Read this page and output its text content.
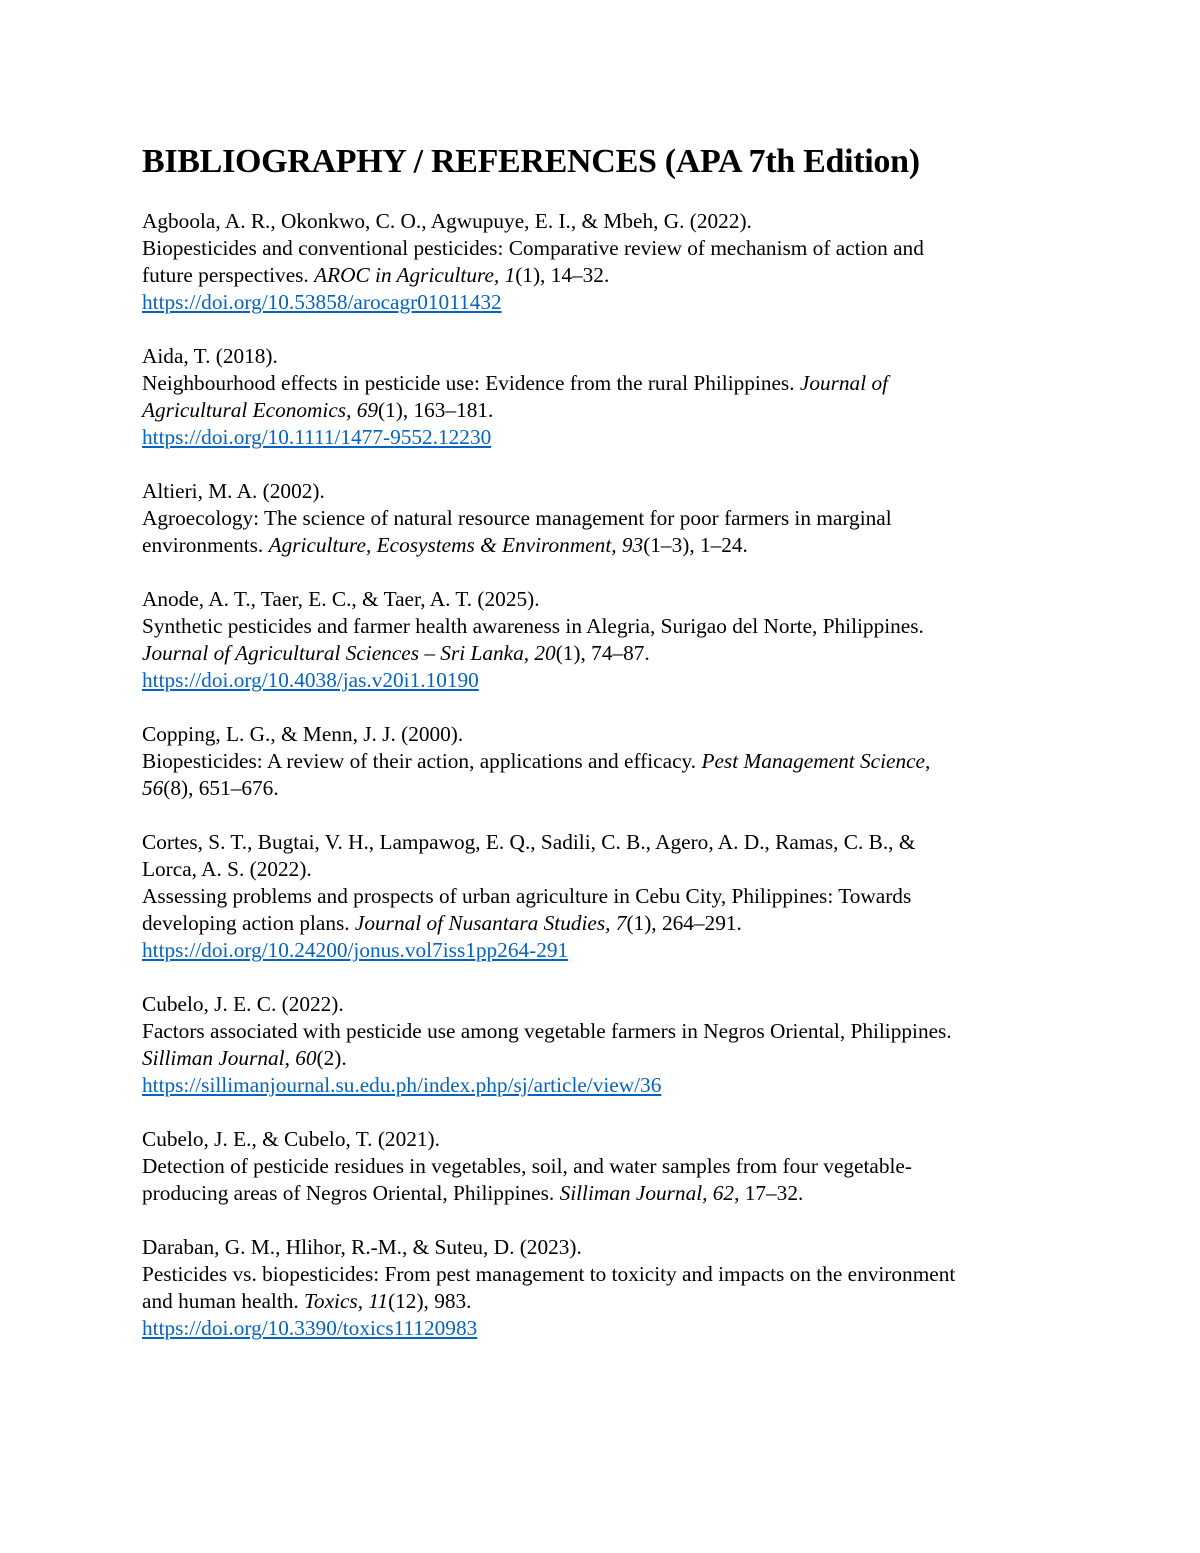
BIBLIOGRAPHY / REFERENCES (APA 7th Edition)
Agboola, A. R., Okonkwo, C. O., Agwupuye, E. I., & Mbeh, G. (2022).
Biopesticides and conventional pesticides: Comparative review of mechanism of action and
future perspectives. AROC in Agriculture, 1(1), 14–32.
https://doi.org/10.53858/arocagr01011432
Aida, T. (2018).
Neighbourhood effects in pesticide use: Evidence from the rural Philippines. Journal of
Agricultural Economics, 69(1), 163–181.
https://doi.org/10.1111/1477-9552.12230
Altieri, M. A. (2002).
Agroecology: The science of natural resource management for poor farmers in marginal
environments. Agriculture, Ecosystems & Environment, 93(1–3), 1–24.
Anode, A. T., Taer, E. C., & Taer, A. T. (2025).
Synthetic pesticides and farmer health awareness in Alegria, Surigao del Norte, Philippines.
Journal of Agricultural Sciences – Sri Lanka, 20(1), 74–87.
https://doi.org/10.4038/jas.v20i1.10190
Copping, L. G., & Menn, J. J. (2000).
Biopesticides: A review of their action, applications and efficacy. Pest Management Science,
56(8), 651–676.
Cortes, S. T., Bugtai, V. H., Lampawog, E. Q., Sadili, C. B., Agero, A. D., Ramas, C. B., &
Lorca, A. S. (2022).
Assessing problems and prospects of urban agriculture in Cebu City, Philippines: Towards
developing action plans. Journal of Nusantara Studies, 7(1), 264–291.
https://doi.org/10.24200/jonus.vol7iss1pp264-291
Cubelo, J. E. C. (2022).
Factors associated with pesticide use among vegetable farmers in Negros Oriental, Philippines.
Silliman Journal, 60(2).
https://sillimanjournal.su.edu.ph/index.php/sj/article/view/36
Cubelo, J. E., & Cubelo, T. (2021).
Detection of pesticide residues in vegetables, soil, and water samples from four vegetable-
producing areas of Negros Oriental, Philippines. Silliman Journal, 62, 17–32.
Daraban, G. M., Hlihor, R.-M., & Suteu, D. (2023).
Pesticides vs. biopesticides: From pest management to toxicity and impacts on the environment
and human health. Toxics, 11(12), 983.
https://doi.org/10.3390/toxics11120983
